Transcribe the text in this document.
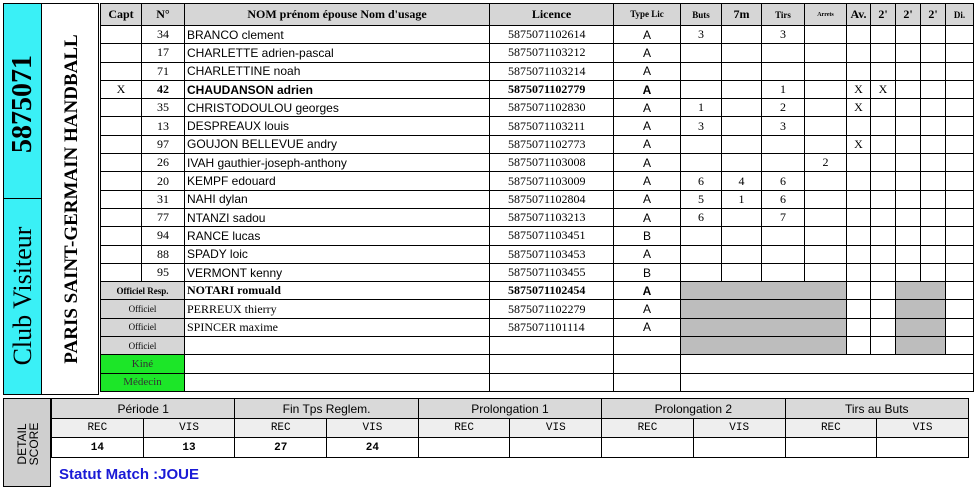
5875071
Club Visiteur PARIS SAINT-GERMAIN HANDBALL
Capt	N°	NOM prénom épouse Nom d'usage	Licence	Type Lic	Buts	7m	Tirs	Arrets	Av.	2'	2'	2'	Di.
	34	BRANCO clement	5875071102614	A	3		3						
	17	CHARLETTE adrien-pascal	5875071103212	A									
	71	CHARLETTINE noah	5875071103214	A									
X	42	CHAUDANSON adrien	5875071102779	A			1		X	X			
	35	CHRISTODOULOU georges	5875071102830	A	1		2		X				
	13	DESPREAUX louis	5875071103211	A	3		3						
	97	GOUJON BELLEVUE andry	5875071102773	A					X				
	26	IVAH gauthier-joseph-anthony	5875071103008	A				2					
	20	KEMPF edouard	5875071103009	A	6	4	6						
	31	NAHI dylan	5875071102804	A	5	1	6						
	77	NTANZI sadou	5875071103213	A	6		7						
	94	RANCE lucas	5875071103451	B									
	88	SPADY loic	5875071103453	A									
	95	VERMONT kenny	5875071103455	B									
Officiel Resp.		NOTARI romuald	5875071102454	A									
Officiel		PERREUX thierry	5875071102279	A									
Officiel		SPINCER maxime	5875071101114	A									
Officiel													
Kiné													
Médecin													
DETAIL
SCORE
Période 1		Fin Tps Reglem.		Prolongation 1		Prolongation 2		Tirs au Buts	
REC	VIS	REC	VIS	REC	VIS	REC	VIS	REC	VIS
14	13	27	24						
Statut Match :JOUE
